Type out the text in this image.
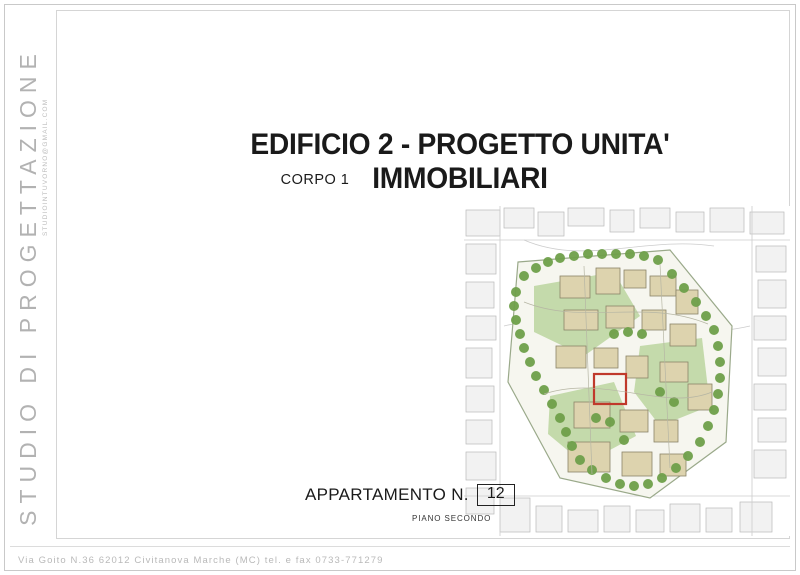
STUDIO DI PROGETTAZIONE STUDIOINTUVORNO@GMAIL.COM	EDIFICIO 2 - PROGETTO UNITA' IMMOBILIARI
CORPO 1
casa
APPARTAMENTO N.	12
PIANO SECONDO
Via Goito N.36 62012 Civitanova Marche (MC) tel. e fax 0733-771279
